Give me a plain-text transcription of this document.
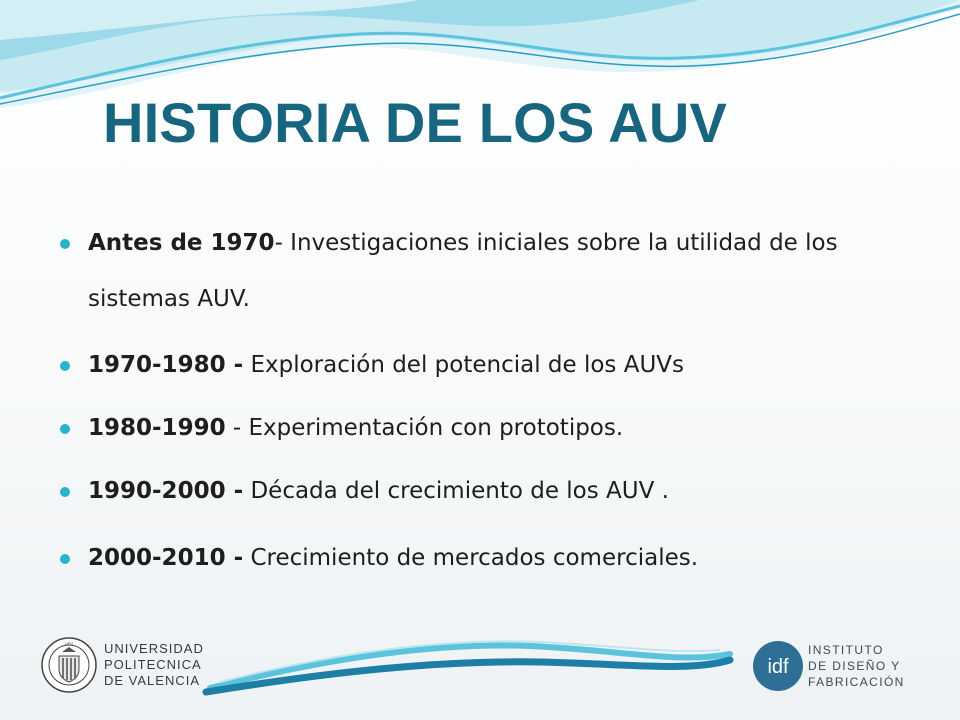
HISTORIA DE LOS AUV
Antes de 1970- Investigaciones iniciales sobre la utilidad de los sistemas AUV.
1970-1980 - Exploración del potencial de los AUVs
1980-1990 - Experimentación con prototipos.
1990-2000 - Década del crecimiento de los AUV .
2000-2010 - Crecimiento de mercados comerciales.
UPV UNIVERSIDAD
POLITECNICA
DE VALENCIA
idf
INSTITUTO
DE DISEÑO Y
FABRICACIÓN
